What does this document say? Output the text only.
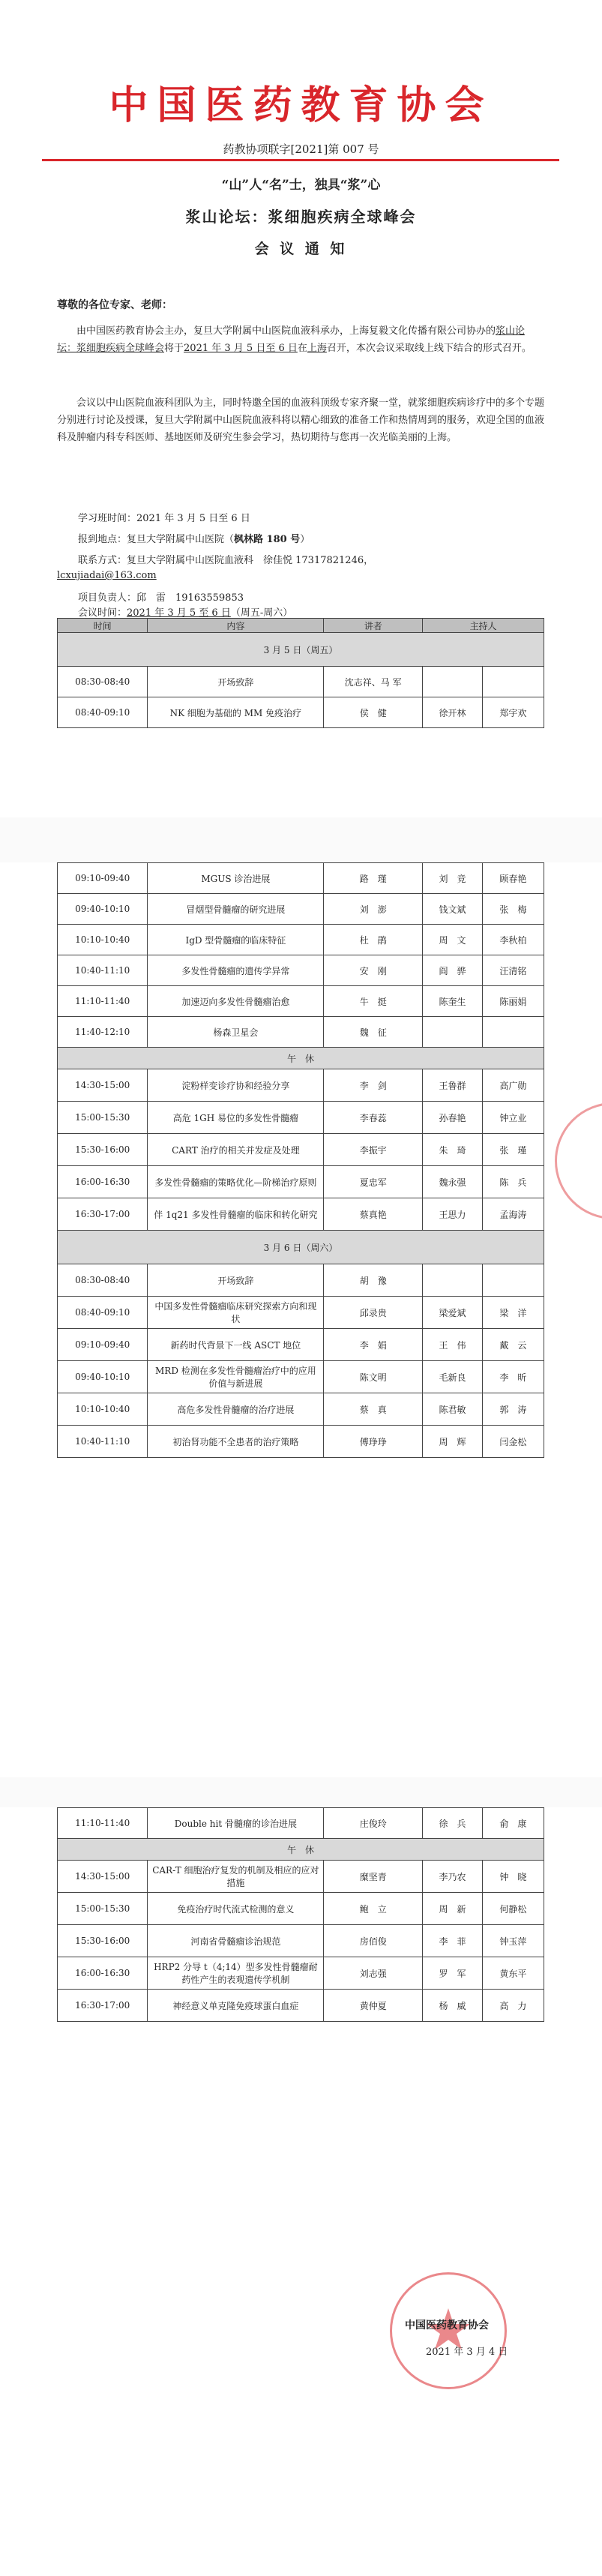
中国医药教育协会
药教协项联字[2021]第 007 号
“山”人“名”士，独具“浆”心
浆山论坛：浆细胞疾病全球峰会
会 议 通 知
尊敬的各位专家、老师：
由中国医药教育协会主办，复旦大学附属中山医院血液科承办，上海复毅文化传播有限公司协办的浆山论坛：浆细胞疾病全球峰会将于2021 年 3 月 5 日至 6 日在上海召开，本次会议采取线上线下结合的形式召开。
会议以中山医院血液科团队为主，同时特邀全国的血液科顶级专家齐聚一堂，就浆细胞疾病诊疗中的多个专题分别进行讨论及授课，复旦大学附属中山医院血液科将以精心细致的准备工作和热情周到的服务，欢迎全国的血液科及肿瘤内科专科医师、基地医师及研究生参会学习，热切期待与您再一次光临美丽的上海。
学习班时间：2021 年 3 月 5 日至 6 日
报到地点：复旦大学附属中山医院（枫林路 180 号）
联系方式：复旦大学附属中山医院血液科　徐佳悦 17317821246，
lcxujiadai@163.com
项目负责人：邱　雷　19163559853
会议时间：2021 年 3 月 5 至 6 日（周五-周六）
时间	内容	讲者	主持人	
3 月 5 日（周五）				
08:30-08:40	开场致辞	沈志祥、马 军		
08:40-09:10	NK 细胞为基础的 MM 免疫治疗	侯　健	徐开林	郑宇欢
09:10-09:40	MGUS 诊治进展	路　瑾	刘　竞	顾春艳
09:40-10:10	冒烟型骨髓瘤的研究进展	刘　澎	钱文斌	张　梅
10:10-10:40	IgD 型骨髓瘤的临床特征	杜　鹃	周　文	李秋柏
10:40-11:10	多发性骨髓瘤的遗传学异常	安　刚	阎　骅	汪清铭
11:10-11:40	加速迈向多发性骨髓瘤治愈	牛　挺	陈奎生	陈丽娟
11:40-12:10	杨森卫星会	魏　征		
午　休				
14:30-15:00	淀粉样变诊疗协和经验分享	李　剑	王鲁群	高广勋
15:00-15:30	高危 1GH 易位的多发性骨髓瘤	李春蕊	孙春艳	钟立业
15:30-16:00	CART 治疗的相关并发症及处理	李振宇	朱　琦	张　瑾
16:00-16:30	多发性骨髓瘤的策略优化—阶梯治疗原则	夏忠军	魏永强	陈　兵
16:30-17:00	伴 1q21 多发性骨髓瘤的临床和转化研究	蔡真艳	王思力	孟海涛
3 月 6 日（周六）				
08:30-08:40	开场致辞	胡　豫		
08:40-09:10	中国多发性骨髓瘤临床研究探索方向和现状	邱录贵	梁爱斌	梁　洋
09:10-09:40	新药时代背景下一线 ASCT 地位	李　娟	王　伟	戴　云
09:40-10:10	MRD 检测在多发性骨髓瘤治疗中的应用价值与新进展	陈文明	毛新良	李　昕
10:10-10:40	高危多发性骨髓瘤的治疗进展	蔡　真	陈君敏	郭　涛
10:40-11:10	初治肾功能不全患者的治疗策略	傅琤琤	周　辉	闫金松
11:10-11:40	Double hit 骨髓瘤的诊治进展	庄俊玲	徐　兵	俞　康
午　休				
14:30-15:00	CAR-T 细胞治疗复发的机制及相应的应对措施	糜坚青	李乃农	钟　晓
15:00-15:30	免疫治疗时代流式检测的意义	鲍　立	周　新	何静松
15:30-16:00	河南省骨髓瘤诊治规范	房佰俊	李　菲	钟玉萍
16:00-16:30	HRP2 分导 t（4;14）型多发性骨髓瘤耐药性产生的表观遗传学机制	刘志强	罗　军	黄东平
16:30-17:00	神经意义单克隆免疫球蛋白血症	黄仲夏	杨　威	高　力
中国医药教育协会
2021 年 3 月 4 日
